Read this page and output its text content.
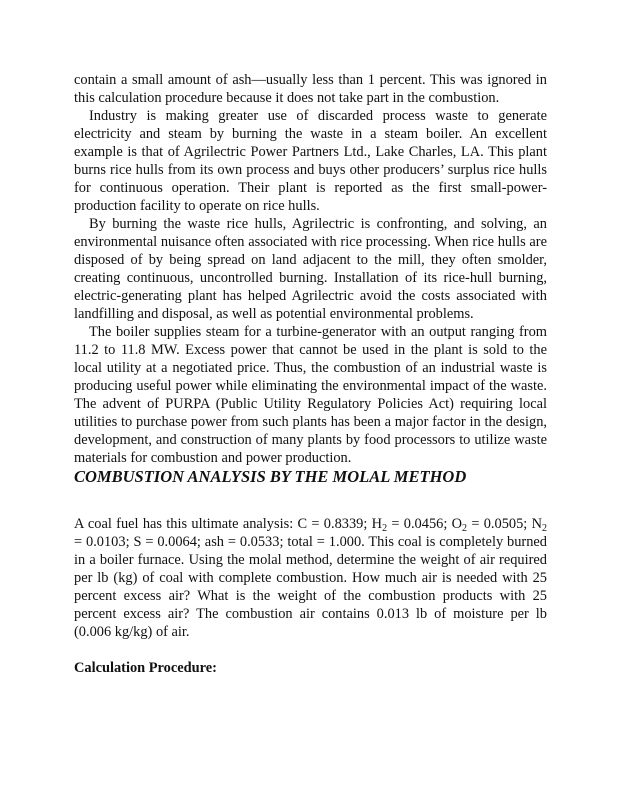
contain a small amount of ash—usually less than 1 percent. This was ignored in this calculation procedure because it does not take part in the combustion.

Industry is making greater use of discarded process waste to generate electricity and steam by burning the waste in a steam boiler. An excellent example is that of Agrilectric Power Partners Ltd., Lake Charles, LA. This plant burns rice hulls from its own process and buys other producers’ surplus rice hulls for continuous operation. Their plant is reported as the first small-power-production facility to operate on rice hulls.

By burning the waste rice hulls, Agrilectric is confronting, and solving, an environmental nuisance often associated with rice processing. When rice hulls are disposed of by being spread on land adjacent to the mill, they often smolder, creating continuous, uncontrolled burning. Installation of its rice-hull burning, electric-generating plant has helped Agrilectric avoid the costs associated with landfilling and disposal, as well as potential environmental problems.

The boiler supplies steam for a turbine-generator with an output ranging from 11.2 to 11.8 MW. Excess power that cannot be used in the plant is sold to the local utility at a negotiated price. Thus, the combustion of an industrial waste is producing useful power while eliminating the environmental impact of the waste. The advent of PURPA (Public Utility Regulatory Policies Act) requiring local utilities to purchase power from such plants has been a major factor in the design, development, and construction of many plants by food processors to utilize waste materials for combustion and power production.

COMBUSTION ANALYSIS BY THE MOLAL METHOD

A coal fuel has this ultimate analysis: C = 0.8339; $H_2 = 0.0456$; $O_2 = 0.0505$; $N_2 = 0.0103$; S = 0.0064; ash = 0.0533; total = 1.000. This coal is completely burned in a boiler furnace. Using the molal method, determine the weight of air required per lb (kg) of coal with complete combustion. How much air is needed with 25 percent excess air? What is the weight of the combustion products with 25 percent excess air? The combustion air contains 0.013 lb of moisture per lb (0.006 kg/kg) of air.

Calculation Procedure:
